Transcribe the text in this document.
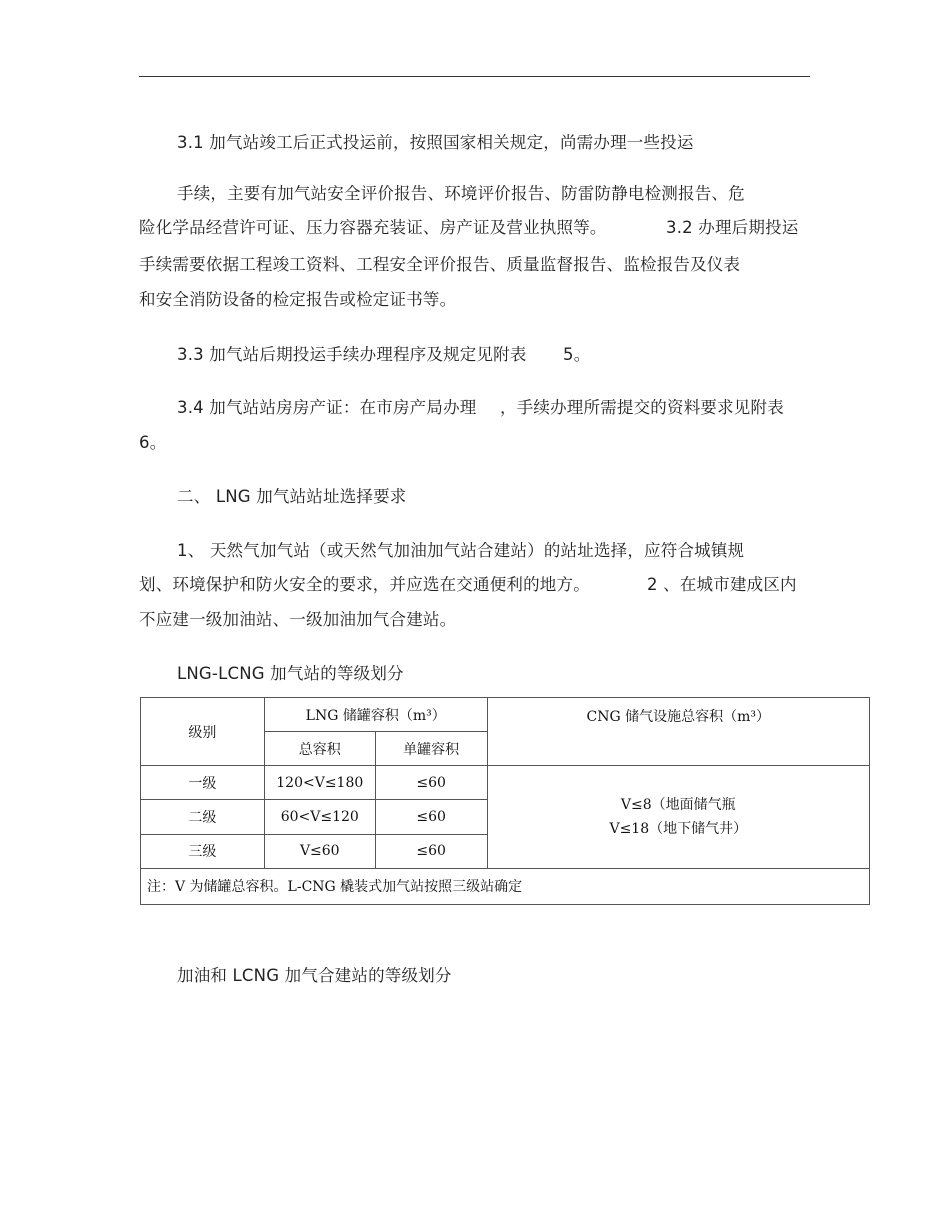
3.1 加气站竣工后正式投运前，按照国家相关规定，尚需办理一些投运
手续，主要有加气站安全评价报告、环境评价报告、防雷防静电检测报告、危
险化学品经营许可证、压力容器充装证、房产证及营业执照等。	3.2 办理后期投运
手续需要依据工程竣工资料、工程安全评价报告、质量监督报告、监检报告及仪表
和安全消防设备的检定报告或检定证书等。
3.3 加气站后期投运手续办理程序及规定见附表 5。
3.4 加气站站房房产证：在市房产局办理 ，手续办理所需提交的资料要求见附表
6。
二、 LNG 加气站站址选择要求
1、 天然气加气站（或天然气加油加气站合建站）的站址选择，应符合城镇规
划、环境保护和防火安全的要求，并应选在交通便利的地方。	2 、在城市建成区内
不应建一级加油站、一级加油加气合建站。
LNG-LCNG 加气站的等级划分
级别	LNG 储罐容积（m³）		CNG 储气设施总容积（m³）
	总容积	单罐容积	
一级	120<V≤180	≤60	V≤8（地面储气瓶
V≤18（地下储气井）

二级	60<V≤120	≤60	
三级	V≤60	≤60	
注：V 为储罐总容积。L-CNG 橇装式加气站按照三级站确定			
加油和 LCNG 加气合建站的等级划分
